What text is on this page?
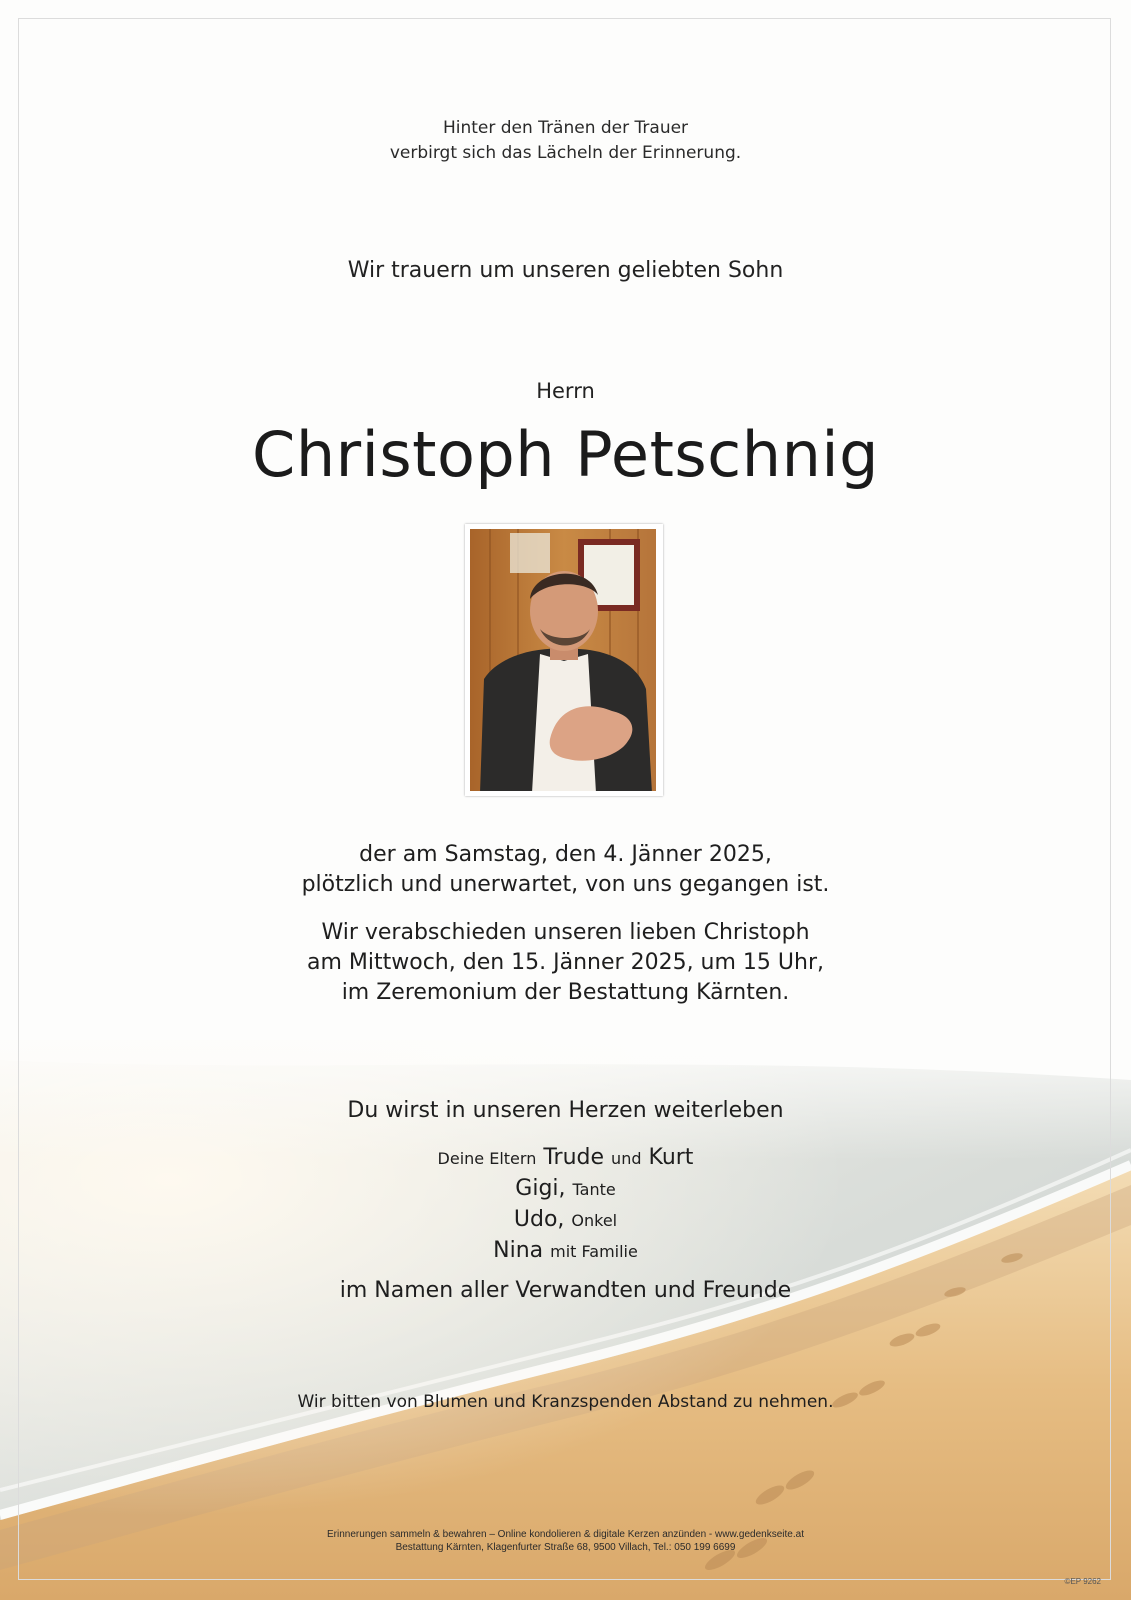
Hinter den Tränen der Trauer
verbirgt sich das Lächeln der Erinnerung.
Wir trauern um unseren geliebten Sohn
Herrn
Christoph Petschnig
der am Samstag, den 4. Jänner 2025,
plötzlich und unerwartet, von uns gegangen ist.
Wir verabschieden unseren lieben Christoph
am Mittwoch, den 15. Jänner 2025, um 15 Uhr,
im Zeremonium der Bestattung Kärnten.
Du wirst in unseren Herzen weiterleben
Deine Eltern Trude und Kurt
Gigi, Tante
Udo, Onkel
Nina mit Familie
im Namen aller Verwandten und Freunde
Wir bitten von Blumen und Kranzspenden Abstand zu nehmen.
Erinnerungen sammeln & bewahren – Online kondolieren & digitale Kerzen anzünden - www.gedenkseite.at
Bestattung Kärnten, Klagenfurter Straße 68, 9500 Villach, Tel.: 050 199 6699
©EP 9262
